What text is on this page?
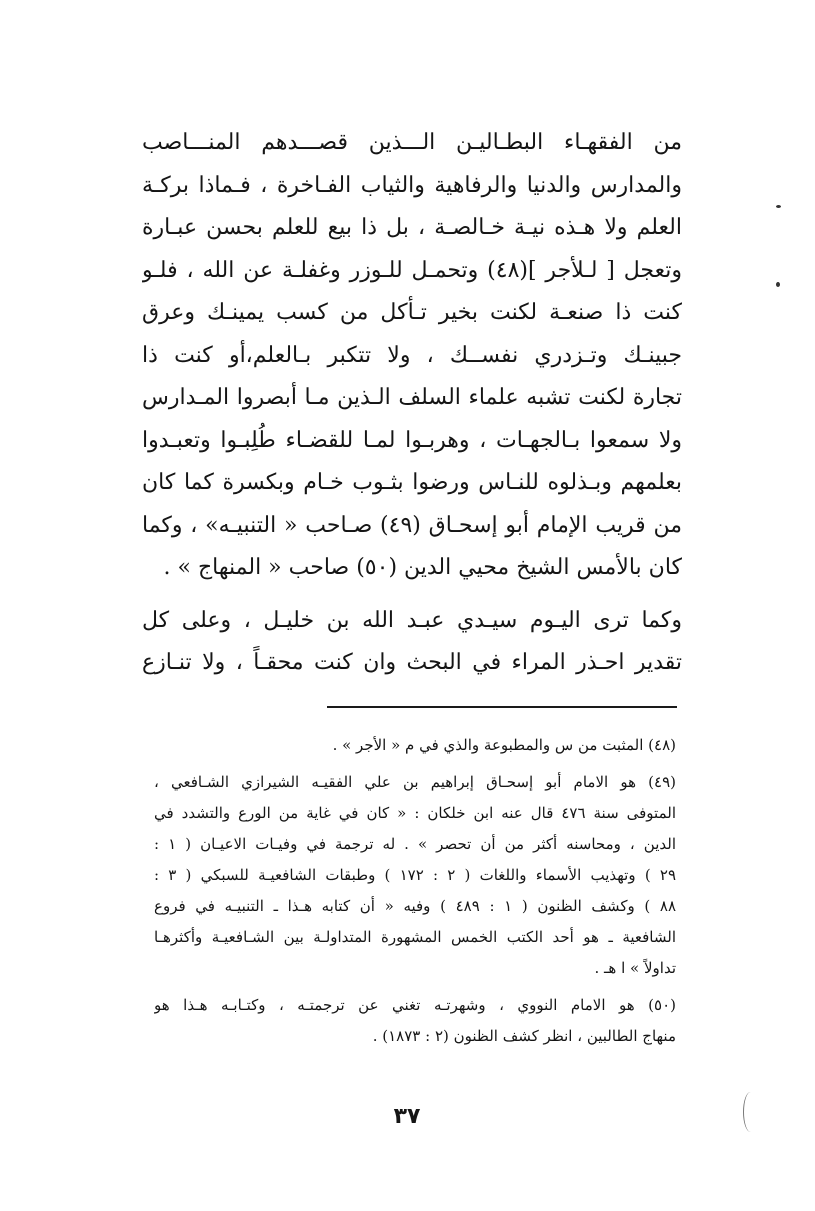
من الفقهـاء البطـاليـن الـــذين قصـــدهم المنـــاصب
والمدارس والدنيا والرفاهية والثياب الفـاخرة ، فـماذا بركـة
العلم ولا هـذه نيـة خـالصـة ، بل ذا بيع للعلم بحسن عبـارة
وتعجل [ لـلأجر ](٤٨) وتحمـل للـوزر وغفلـة عن الله ، فلـو
كنت ذا صنعـة لكنت بخير تـأكل من كسب يمينـك وعرق
جبينـك وتـزدري نفســك ، ولا تتكبر بـالعلم،أو كنت ذا
تجارة لكنت تشبه علماء السلف الـذين مـا أبصروا المـدارس
ولا سمعوا بـالجهـات ، وهربـوا لمـا للقضـاء طُلِبـوا وتعبـدوا
بعلمهم وبـذلوه للنـاس ورضوا بثـوب خـام وبكسرة كما كان
من قريب الإمام أبو إسحـاق (٤٩) صـاحب « التنبيـه» ، وكما
كان بالأمس الشيخ محيي الدين (٥٠) صاحب « المنهاج » .
وكما ترى اليـوم سيـدي عبـد الله بن خليـل ، وعلى كل
تقدير احـذر المراء في البحث وان كنت محقـاً ، ولا تنـازع
(٤٨) المثبت من س والمطبوعة والذي في م « الأجر » .
(٤٩) هو الامام أبو إسحـاق إبراهيم بن علي الفقيـه الشيرازي الشـافعي ،
المتوفى سنة ٤٧٦ قال عنه ابن خلكان : « كان في غاية من الورع والتشدد في
الدين ، ومحاسنه أكثر من أن تحصر » . له ترجمة في وفيـات الاعيـان ( ١ :
٢٩ ) وتهذيب الأسماء واللغات ( ٢ : ١٧٢ ) وطبقات الشافعيـة للسبكي ( ٣ :
٨٨ ) وكشف الظنون ( ١ : ٤٨٩ ) وفيه « أن كتابه هـذا ـ التنبيـه في فروع
الشافعية ـ هو أحد الكتب الخمس المشهورة المتداولـة بين الشـافعيـة وأكثرهـا
تداولاً » ا هـ .
(٥٠) هو الامام النووي ، وشهرتـه تغني عن ترجمتـه ، وكتـابـه هـذا هو
منهاج الطالبين ، انظر كشف الظنون (٢ : ١٨٧٣) .
٣٧
